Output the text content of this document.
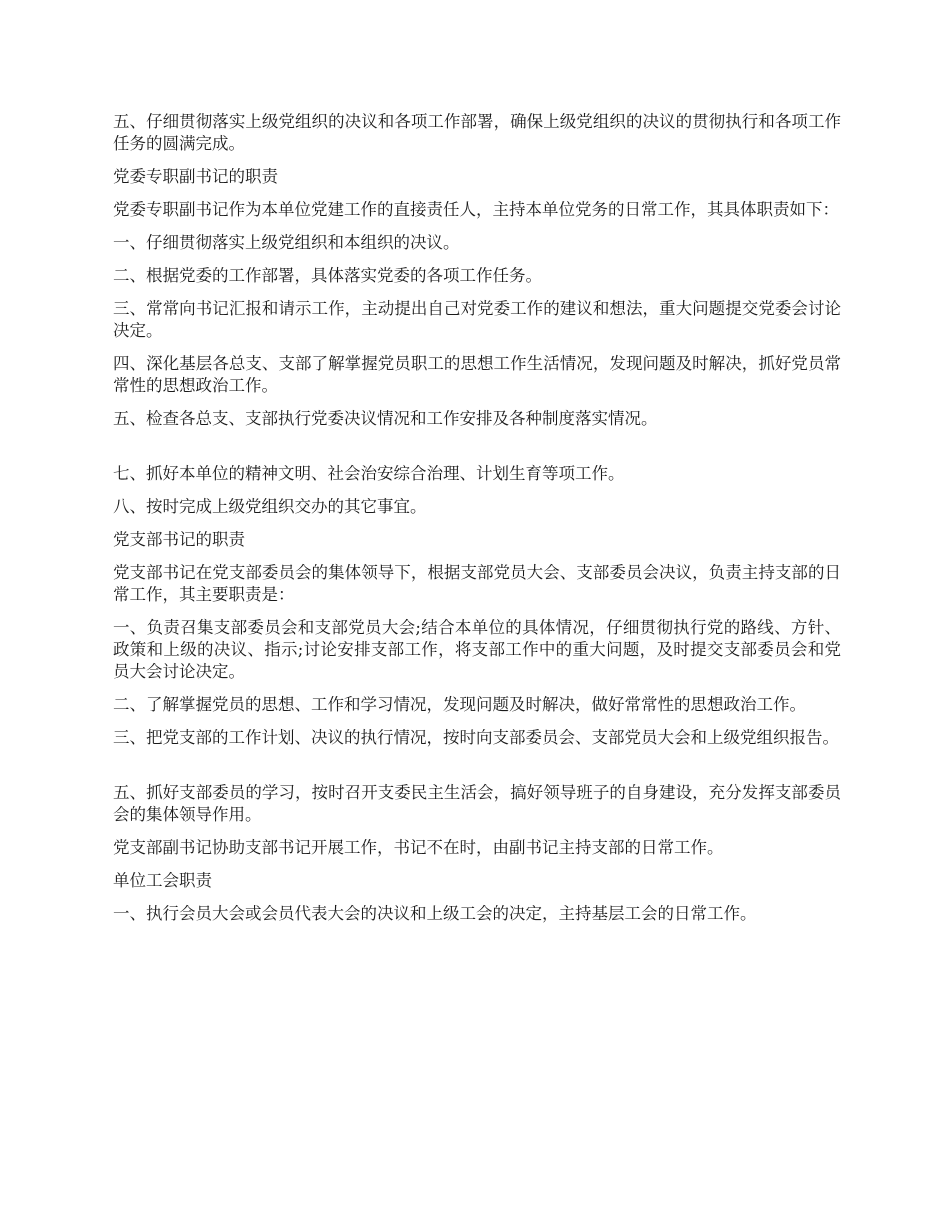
五、仔细贯彻落实上级党组织的决议和各项工作部署，确保上级党组织的决议的贯彻执行和各项工作任务的圆满完成。

党委专职副书记的职责

党委专职副书记作为本单位党建工作的直接责任人，主持本单位党务的日常工作，其具体职责如下：

一、仔细贯彻落实上级党组织和本组织的决议。

二、根据党委的工作部署，具体落实党委的各项工作任务。

三、常常向书记汇报和请示工作，主动提出自己对党委工作的建议和想法，重大问题提交党委会讨论决定。

四、深化基层各总支、支部了解掌握党员职工的思想工作生活情况，发现问题及时解决，抓好党员常常性的思想政治工作。

五、检查各总支、支部执行党委决议情况和工作安排及各种制度落实情况。

七、抓好本单位的精神文明、社会治安综合治理、计划生育等项工作。

八、按时完成上级党组织交办的其它事宜。

党支部书记的职责

党支部书记在党支部委员会的集体领导下，根据支部党员大会、支部委员会决议，负责主持支部的日常工作，其主要职责是：

一、负责召集支部委员会和支部党员大会;结合本单位的具体情况，仔细贯彻执行党的路线、方针、政策和上级的决议、指示;讨论安排支部工作，将支部工作中的重大问题，及时提交支部委员会和党员大会讨论决定。

二、了解掌握党员的思想、工作和学习情况，发现问题及时解决，做好常常性的思想政治工作。

三、把党支部的工作计划、决议的执行情况，按时向支部委员会、支部党员大会和上级党组织报告。

五、抓好支部委员的学习，按时召开支委民主生活会，搞好领导班子的自身建设，充分发挥支部委员会的集体领导作用。

党支部副书记协助支部书记开展工作，书记不在时，由副书记主持支部的日常工作。

单位工会职责

一、执行会员大会或会员代表大会的决议和上级工会的决定，主持基层工会的日常工作。
